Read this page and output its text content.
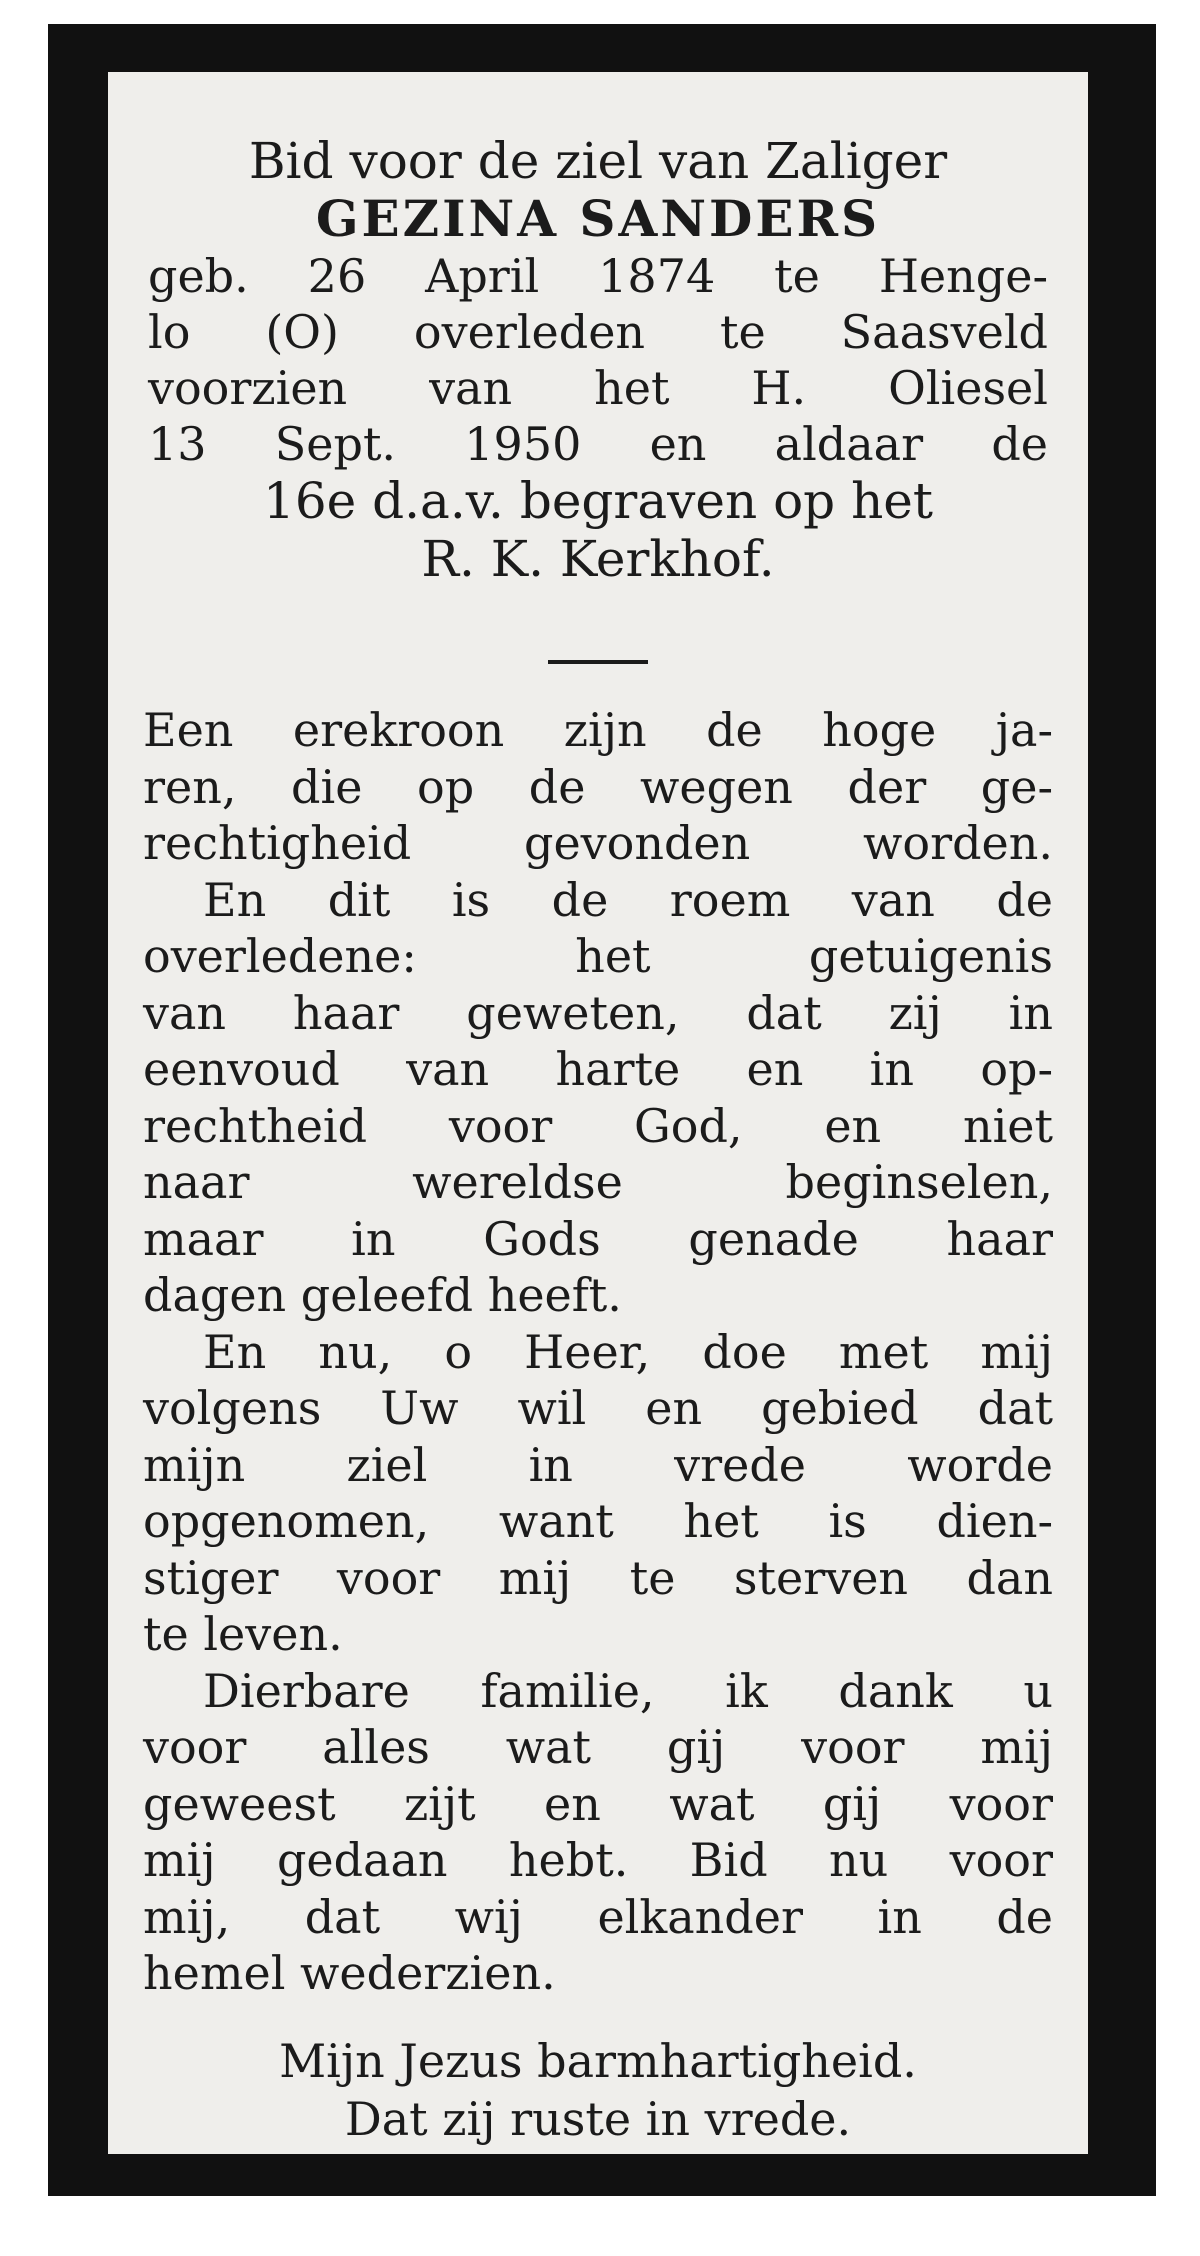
Bid voor de ziel van Zaliger
GEZINA SANDERS
geb. 26 April 1874 te Henge-
lo (O) overleden te Saasveld
voorzien van het H. Oliesel
13 Sept. 1950 en aldaar de
16e d.a.v. begraven op het
R. K. Kerkhof.
Een erekroon zijn de hoge ja-
ren, die op de wegen der ge-
rechtigheid gevonden worden.
En dit is de roem van de
overledene: het getuigenis
van haar geweten, dat zij in
eenvoud van harte en in op-
rechtheid voor God, en niet
naar wereldse beginselen,
maar in Gods genade haar
dagen geleefd heeft.
En nu, o Heer, doe met mij
volgens Uw wil en gebied dat
mijn ziel in vrede worde
opgenomen, want het is dien-
stiger voor mij te sterven dan
te leven.
Dierbare familie, ik dank u
voor alles wat gij voor mij
geweest zijt en wat gij voor
mij gedaan hebt. Bid nu voor
mij, dat wij elkander in de
hemel wederzien.
Mijn Jezus barmhartigheid.
Dat zij ruste in vrede.
